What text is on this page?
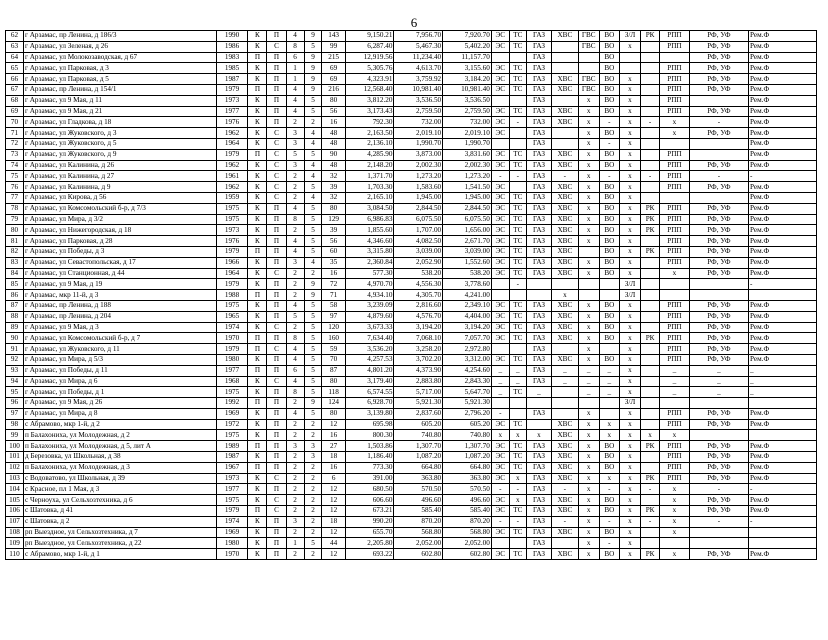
6
62	г Арзамас, пр Ленина, д 186/3	1990	К	П	4	9	143	9,150.21	7,956.70	7,920.70	ЭС	ТС	ГАЗ	ХВС	ГВС	ВО	З/Л	РК	РПП	РФ, УФ	Рем.Ф
63	г Арзамас, ул Зеленая, д 26	1986	К	С	8	5	99	6,287.40	5,467.30	5,402.20	ЭС	ТС	ГАЗ		ГВС	ВО	х		РПП	РФ, УФ	Рем.Ф
64	г Арзамас, ул Молокозаводская, д 67	1983	П	П	6	9	215	12,919.56	11,234.40	11,157.70			ГАЗ			ВО				РФ, УФ	Рем.Ф
65	г Арзамас, ул Парковая, д 3	1985	К	П	1	9	69	5,305.76	4,613.70	3,155.60	ЭС	ТС	ГАЗ			ВО			РПП	РФ, УФ	Рем.Ф
66	г Арзамас, ул Парковая, д 5	1987	К	П	1	9	69	4,323.91	3,759.92	3,184.20	ЭС	ТС	ГАЗ	ХВС	ГВС	ВО	х		РПП	РФ, УФ	Рем.Ф
67	г Арзамас, пр Ленина, д 154/1	1979	П	П	4	9	216	12,568.40	10,981.40	10,981.40	ЭС	ТС	ГАЗ	ХВС	ГВС	ВО	х		РПП	РФ, УФ	Рем.Ф
68	г Арзамас, ул 9 Мая, д 11	1973	К	П	4	5	80	3,812.20	3,536.50	3,536.50			ГАЗ		х	ВО	х		РПП		Рем.Ф
69	г Арзамас, ул 9 Мая, д 21	1977	К	П	4	5	56	3,173.43	2,759.50	2,759.50	ЭС	ТС	ГАЗ	ХВС	х	ВО	х		РПП	РФ, УФ	Рем.Ф
70	г Арзамас, ул Гладкова, д 18	1976	К	П	2	2	16	792.30	732.00	732.00	ЭС	-	ГАЗ	ХВС	х	-	х	-	х	-	Рем.Ф
71	г Арзамас, ул Жуковского, д 3	1962	К	С	3	4	48	2,163.50	2,019.10	2,019.10	ЭС		ГАЗ		х	ВО	х		х	РФ, УФ	Рем.Ф
72	г Арзамас, ул Жуковского, д 5	1964	К	С	3	4	48	2,136.10	1,990.70	1,990.70			ГАЗ		х	-	х				Рем.Ф
73	г Арзамас, ул Жуковского, д 9	1979	П	С	5	5	90	4,285.90	3,873.00	3,831.60	ЭС	ТС	ГАЗ	ХВС	х	ВО	х		РПП		Рем.Ф
74	г Арзамас, ул Калинина, д 26	1962	К	С	3	4	48	2,148.20	2,002.30	2,002.30	ЭС	ТС	ГАЗ	ХВС	х	ВО	х		РПП	РФ, УФ	Рем.Ф
75	г Арзамас, ул Калинина, д 27	1961	К	С	2	4	32	1,371.70	1,273.20	1,273.20	-	-	ГАЗ	-	х	-	х	-	РПП	-	-
76	г Арзамас, ул Калинина, д 9	1962	К	С	2	5	39	1,703.30	1,583.60	1,541.50	ЭС		ГАЗ	ХВС	х	ВО	х		РПП	РФ, УФ	Рем.Ф
77	г Арзамас, ул Кирова, д 56	1959	К	С	2	4	32	2,165.10	1,945.00	1,945.00	ЭС	ТС	ГАЗ	ХВС	х	ВО	х				Рем.Ф
78	г Арзамас, ул Комсомольский б-р, д 7/3	1975	К	П	4	5	80	3,084.50	2,844.50	2,844.50	ЭС	ТС	ГАЗ	ХВС	х	ВО	х	РК	РПП	РФ, УФ	Рем.Ф
79	г Арзамас, ул Мира, д 3/2	1975	К	П	8	5	129	6,986.83	6,075.50	6,075.50	ЭС	ТС	ГАЗ	ХВС	х	ВО	х	РК	РПП	РФ, УФ	Рем.Ф
80	г Арзамас, ул Нижегородская, д 18	1973	К	П	2	5	39	1,855.60	1,707.00	1,656.00	ЭС	ТС	ГАЗ	ХВС	х	ВО	х	РК	РПП	РФ, УФ	Рем.Ф
81	г Арзамас, ул Парковая, д 28	1976	К	П	4	5	56	4,346.60	4,082.50	2,671.70	ЭС	ТС	ГАЗ	ХВС	х	ВО	х		РПП	РФ, УФ	Рем.Ф
82	г Арзамас, ул Победы, д 3	1979	П	П	4	5	60	3,315.80	3,039.00	3,039.00	ЭС	ТС	ГАЗ	ХВС		ВО	х	РК	РПП	РФ, УФ	Рем.Ф
83	г Арзамас, ул Севастопольская, д 17	1966	К	П	3	4	35	2,360.84	2,052.90	1,552.60	ЭС	ТС	ГАЗ	ХВС	х	ВО	х		РПП	РФ, УФ	Рем.Ф
84	г Арзамас, ул Станционная, д 44	1964	К	С	2	2	16	577.30	538.20	538.20	ЭС	ТС	ГАЗ	ХВС	х	ВО	х		х	РФ, УФ	Рем.Ф
85	г Арзамас, ул 9 Мая, д 19	1979	К	П	2	9	72	4,970.70	4,556.30	3,778.60		-					З/Л				-
86	г Арзамас, мкр 11-й, д 3	1988	П	П	2	9	71	4,934.10	4,305.70	4,241.00				х			З/Л				
87	г Арзамас, пр Ленина, д 188	1975	К	П	4	5	58	3,239.09	2,816.60	2,349.10	ЭС	ТС	ГАЗ	ХВС	х	ВО	х		РПП	РФ, УФ	Рем.Ф
88	г Арзамас, пр Ленина, д 204	1965	К	П	5	5	97	4,879.60	4,576.70	4,404.00	ЭС	ТС	ГАЗ	ХВС	х	ВО	х		РПП	РФ, УФ	Рем.Ф
89	г Арзамас, ул 9 Мая, д 3	1974	К	С	2	5	120	3,673.33	3,194.20	3,194.20	ЭС	ТС	ГАЗ	ХВС	х	ВО	х		РПП	РФ, УФ	Рем.Ф
90	г Арзамас, ул Комсомольский б-р, д 7	1970	П	П	8	5	160	7,634.40	7,068.10	7,057.70	ЭС	ТС	ГАЗ	ХВС	х	ВО	х	РК	РПП	РФ, УФ	Рем.Ф
91	г Арзамас, ул Жуковского, д 11	1979	П	С	4	5	59	3,536.20	3,258.20	2,972.80			ГАЗ		х		х		РПП	РФ, УФ	Рем.Ф
92	г Арзамас, ул Мира, д 5/3	1980	К	П	4	5	70	4,257.53	3,702.20	3,312.00	ЭС	ТС	ГАЗ	ХВС	х	ВО	х		РПП	РФ, УФ	Рем.Ф
93	г Арзамас, ул Победы, д 11	1977	П	П	6	5	87	4,801.20	4,373.90	4,254.60	_	_	ГАЗ	_	_	_	х		_	_	_
94	г Арзамас, ул Мира, д 6	1968	К	С	4	5	80	3,179.40	2,883.80	2,843.30	_	_	ГАЗ	_	_	_	х		_	_	_
95	г Арзамас, ул Победы, д 1	1975	К	П	8	5	118	6,574.55	5,717.00	5,647.70	_	ТС	_		_	_	х		_	_	_
96	г Арзамас, ул 9 Мая, д 26	1992	П	П	2	9	124	6,928.70	5,921.30	5,921.30							З/Л				
97	г Арзамас, ул Мира, д 8	1969	К	П	4	5	80	3,139.80	2,837.60	2,796.20	-		ГАЗ		х		х		РПП	РФ, УФ	Рем.Ф
98	с Абрамово, мкр 1-й, д 2	1972	К	П	2	2	12	695.98	605.20	605.20	ЭС	ТС		ХВС	х	х	х		РПП	РФ, УФ	Рем.Ф
99	п Балахониха, ул Молодежная, д 2	1975	К	П	2	2	16	800.30	740.80	740.80	х	х	х	ХВС	х	х	х	х	х		
100	п Балахониха, ул Молодежная, д 5, лит А	1989	П	П	3	3	27	1,503.86	1,307.70	1,307.70	ЭС	ТС	ГАЗ	ХВС	х	ВО	х	РК	РПП	РФ, УФ	Рем.Ф
101	д Березовка, ул Школьная, д 38	1987	К	П	2	3	18	1,186.40	1,087.20	1,087.20	ЭС	ТС	ГАЗ	ХВС	х	ВО	х		РПП	РФ, УФ	Рем.Ф
102	п Балахониха, ул Молодежная, д 3	1967	П	П	2	2	16	773.30	664.80	664.80	ЭС	ТС	ГАЗ	ХВС	х	ВО	х		РПП	РФ, УФ	Рем.Ф
103	с Водоватово, ул Школьная, д 39	1973	К	С	2	2	6	391.00	363.80	363.80	ЭС	х	ГАЗ	ХВС	х	х	х	РК	РПП	РФ, УФ	Рем.Ф
104	с Красное, пл 1 Мая, д 3	1977	К	П	2	2	12	680.50	570.50	570.50	-	-	ГАЗ	-	х	-	х	-	х	-	-
105	с Черноуха, ул Сельхозтехника, д 6	1975	К	С	2	2	12	606.60	496.60	496.60	ЭС	х	ГАЗ	ХВС	х	ВО	х		х	РФ, УФ	Рем.Ф
106	с Шатовка, д 41	1979	П	С	2	2	12	673.21	585.40	585.40	ЭС	ТС	ГАЗ	ХВС	х	ВО	х	РК	х	РФ, УФ	Рем.Ф
107	с Шатовка, д 2	1974	К	П	3	2	18	990.20	870.20	870.20	-	-	ГАЗ	-	х	-	х	-	х	-	-
108	рп Выездное, ул Сельхозтехника, д 7	1969	К	П	2	2	12	655.70	568.80	568.80	ЭС	ТС	ГАЗ	ХВС	х	ВО	х		х		
109	рп Выездное, ул Сельхозтехника, д 22	1980	К	П	1	5	44	2,205.80	2,052.00	2,052.00			ГАЗ		х	-	х				
110	с Абрамово, мкр 1-й, д 1	1970	К	П	2	2	12	693.22	602.80	602.80	ЭС	ТС	ГАЗ	ХВС	х	ВО	х	РК	х	РФ, УФ	Рем.Ф
